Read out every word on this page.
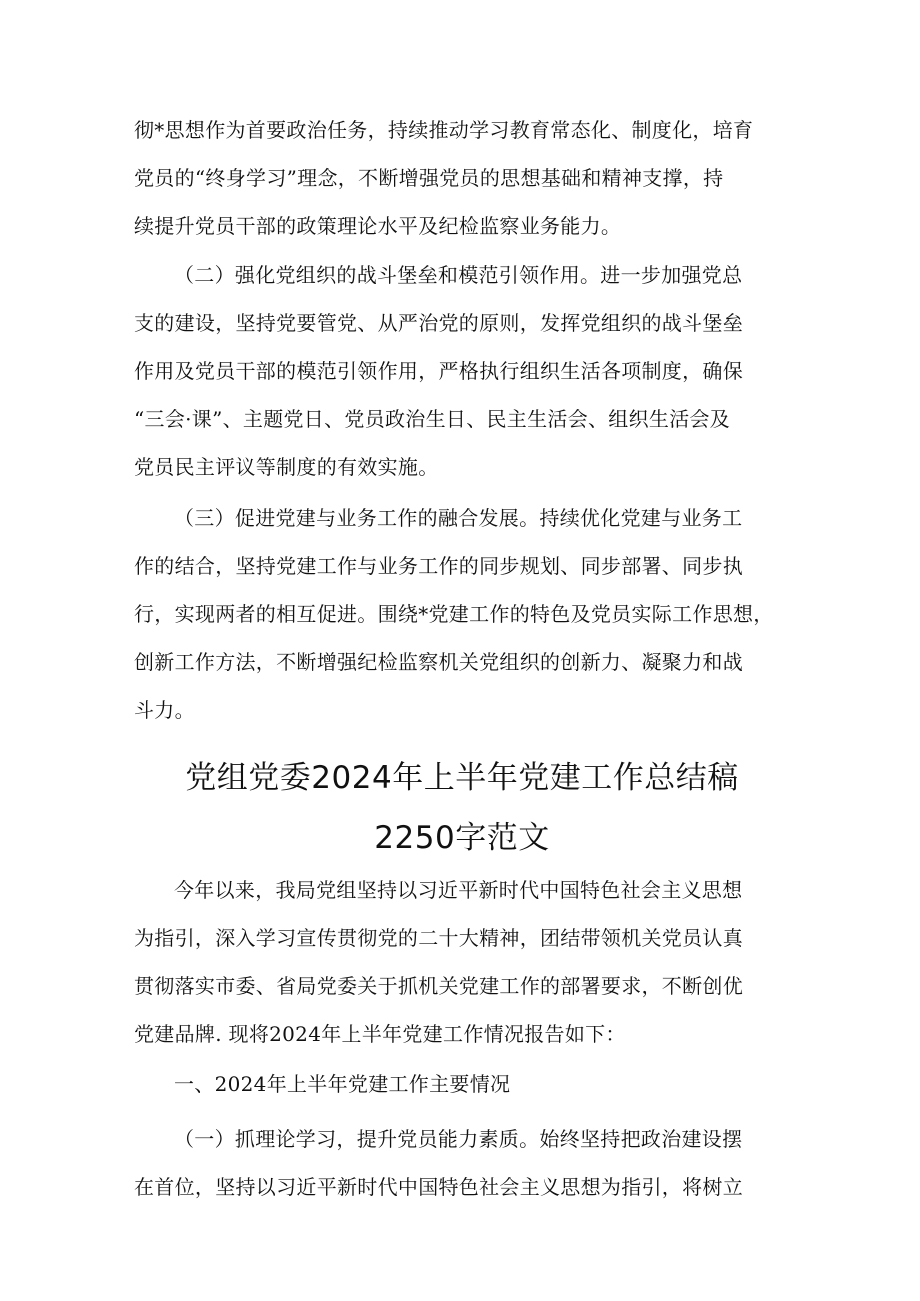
彻*思想作为首要政治任务，持续推动学习教育常态化、制度化，培育
党员的“终身学习”理念，不断增强党员的思想基础和精神支撑，持
续提升党员干部的政策理论水平及纪检监察业务能力。

（二）强化党组织的战斗堡垒和模范引领作用。进一步加强党总
支的建设，坚持党要管党、从严治党的原则，发挥党组织的战斗堡垒
作用及党员干部的模范引领作用，严格执行组织生活各项制度，确保
“三会·课”、主题党日、党员政治生日、民主生活会、组织生活会及
党员民主评议等制度的有效实施。

（三）促进党建与业务工作的融合发展。持续优化党建与业务工
作的结合，坚持党建工作与业务工作的同步规划、同步部署、同步执
行，实现两者的相互促进。围绕*党建工作的特色及党员实际工作思想，
创新工作方法，不断增强纪检监察机关党组织的创新力、凝聚力和战
斗力。

党组党委2024年上半年党建工作总结稿
2250字范文

今年以来，我局党组坚持以习近平新时代中国特色社会主义思想
为指引，深入学习宣传贯彻党的二十大精神，团结带领机关党员认真
贯彻落实市委、省局党委关于抓机关党建工作的部署要求，不断创优
党建品牌. 现将2024年上半年党建工作情况报告如下：

一、2024年上半年党建工作主要情况

（一）抓理论学习，提升党员能力素质。始终坚持把政治建设摆
在首位，坚持以习近平新时代中国特色社会主义思想为指引，将树立
